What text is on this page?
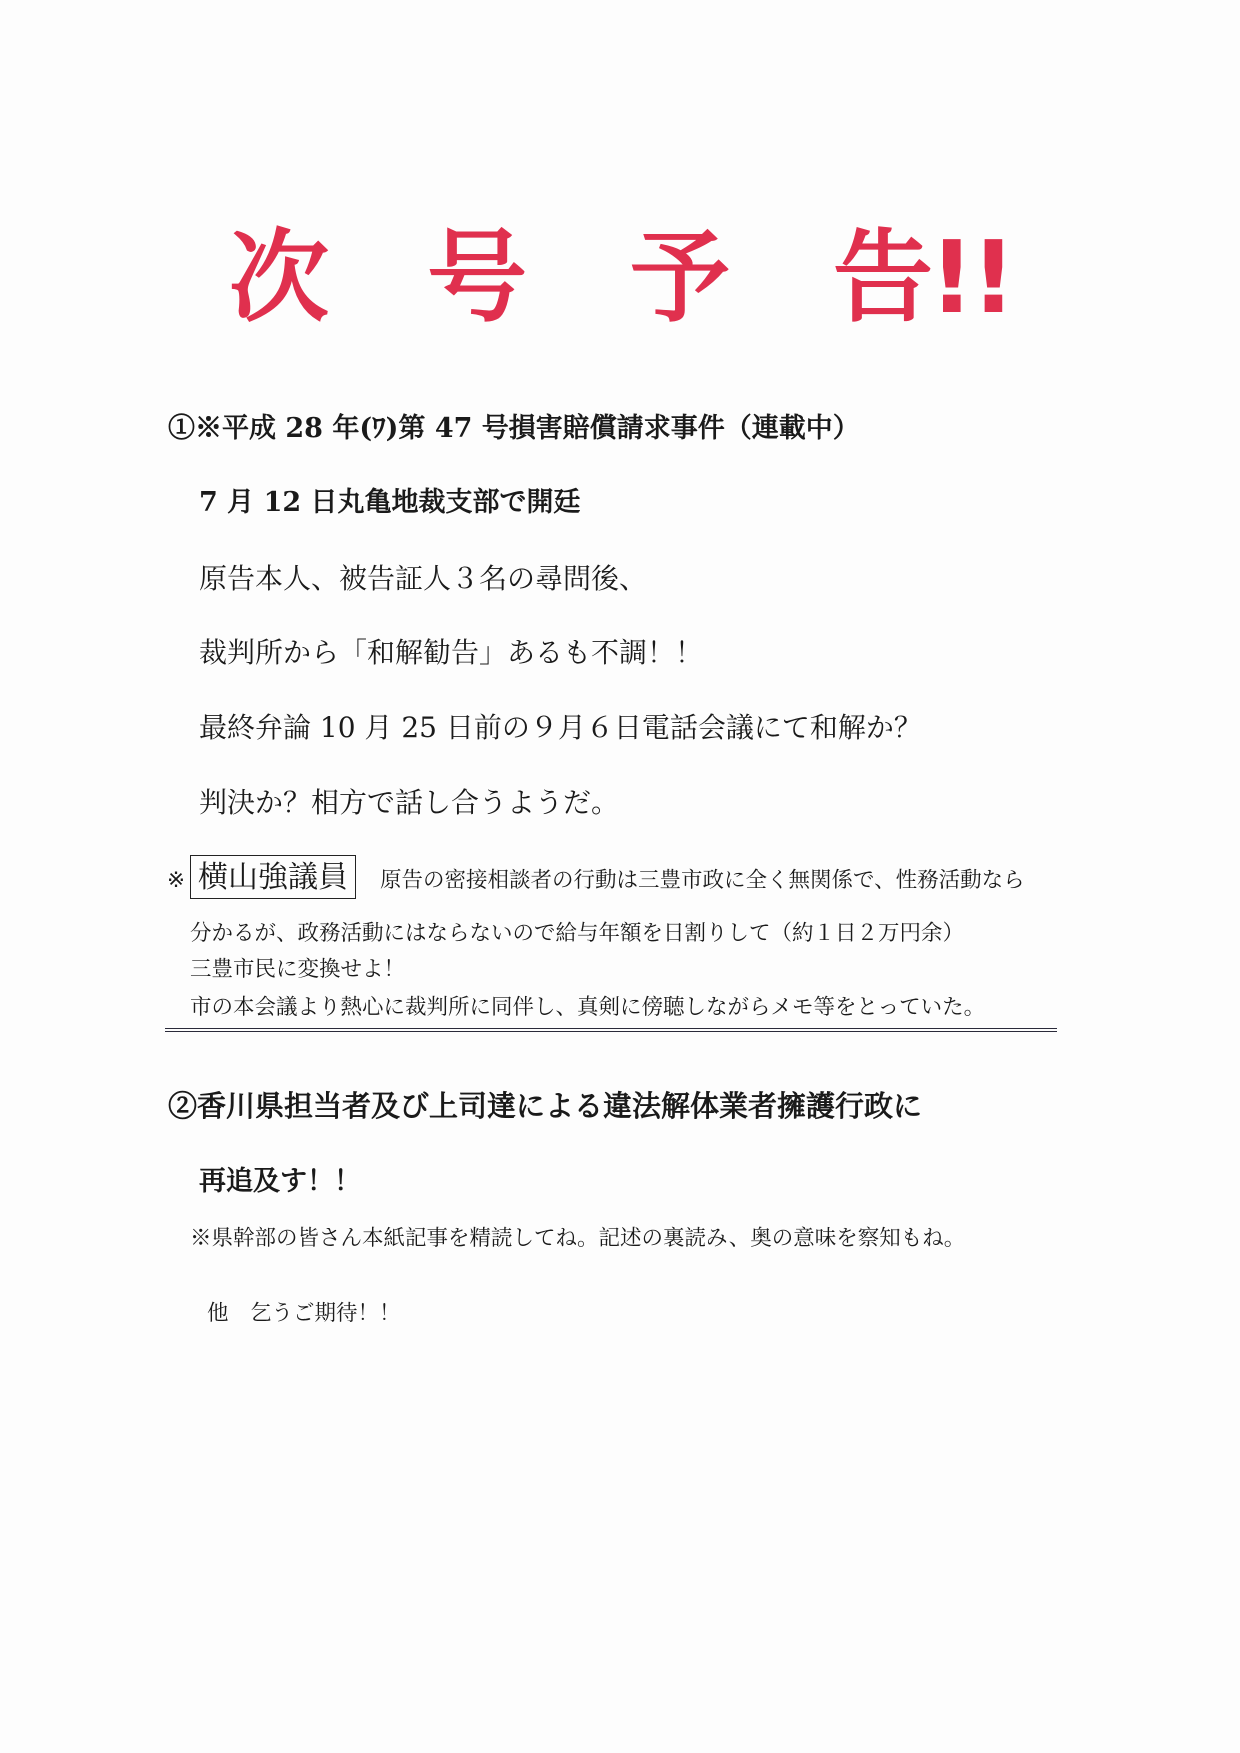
次 号 予 告!!
①※平成 28 年(ﾜ)第 47 号損害賠償請求事件（連載中）
7 月 12 日丸亀地裁支部で開廷
原告本人、被告証人３名の尋問後、
裁判所から「和解勧告」あるも不調！！
最終弁論 10 月 25 日前の９月６日電話会議にて和解か？
判決か？相方で話し合うようだ。
※ 横山強議員	原告の密接相談者の行動は三豊市政に全く無関係で、性務活動なら
分かるが、政務活動にはならないので給与年額を日割りして（約１日２万円余）
三豊市民に変換せよ！
市の本会議より熱心に裁判所に同伴し、真剣に傍聴しながらメモ等をとっていた。
②香川県担当者及び上司達による違法解体業者擁護行政に
再追及す！！
※県幹部の皆さん本紙記事を精読してね。記述の裏読み、奥の意味を察知もね。
他　乞うご期待！！
